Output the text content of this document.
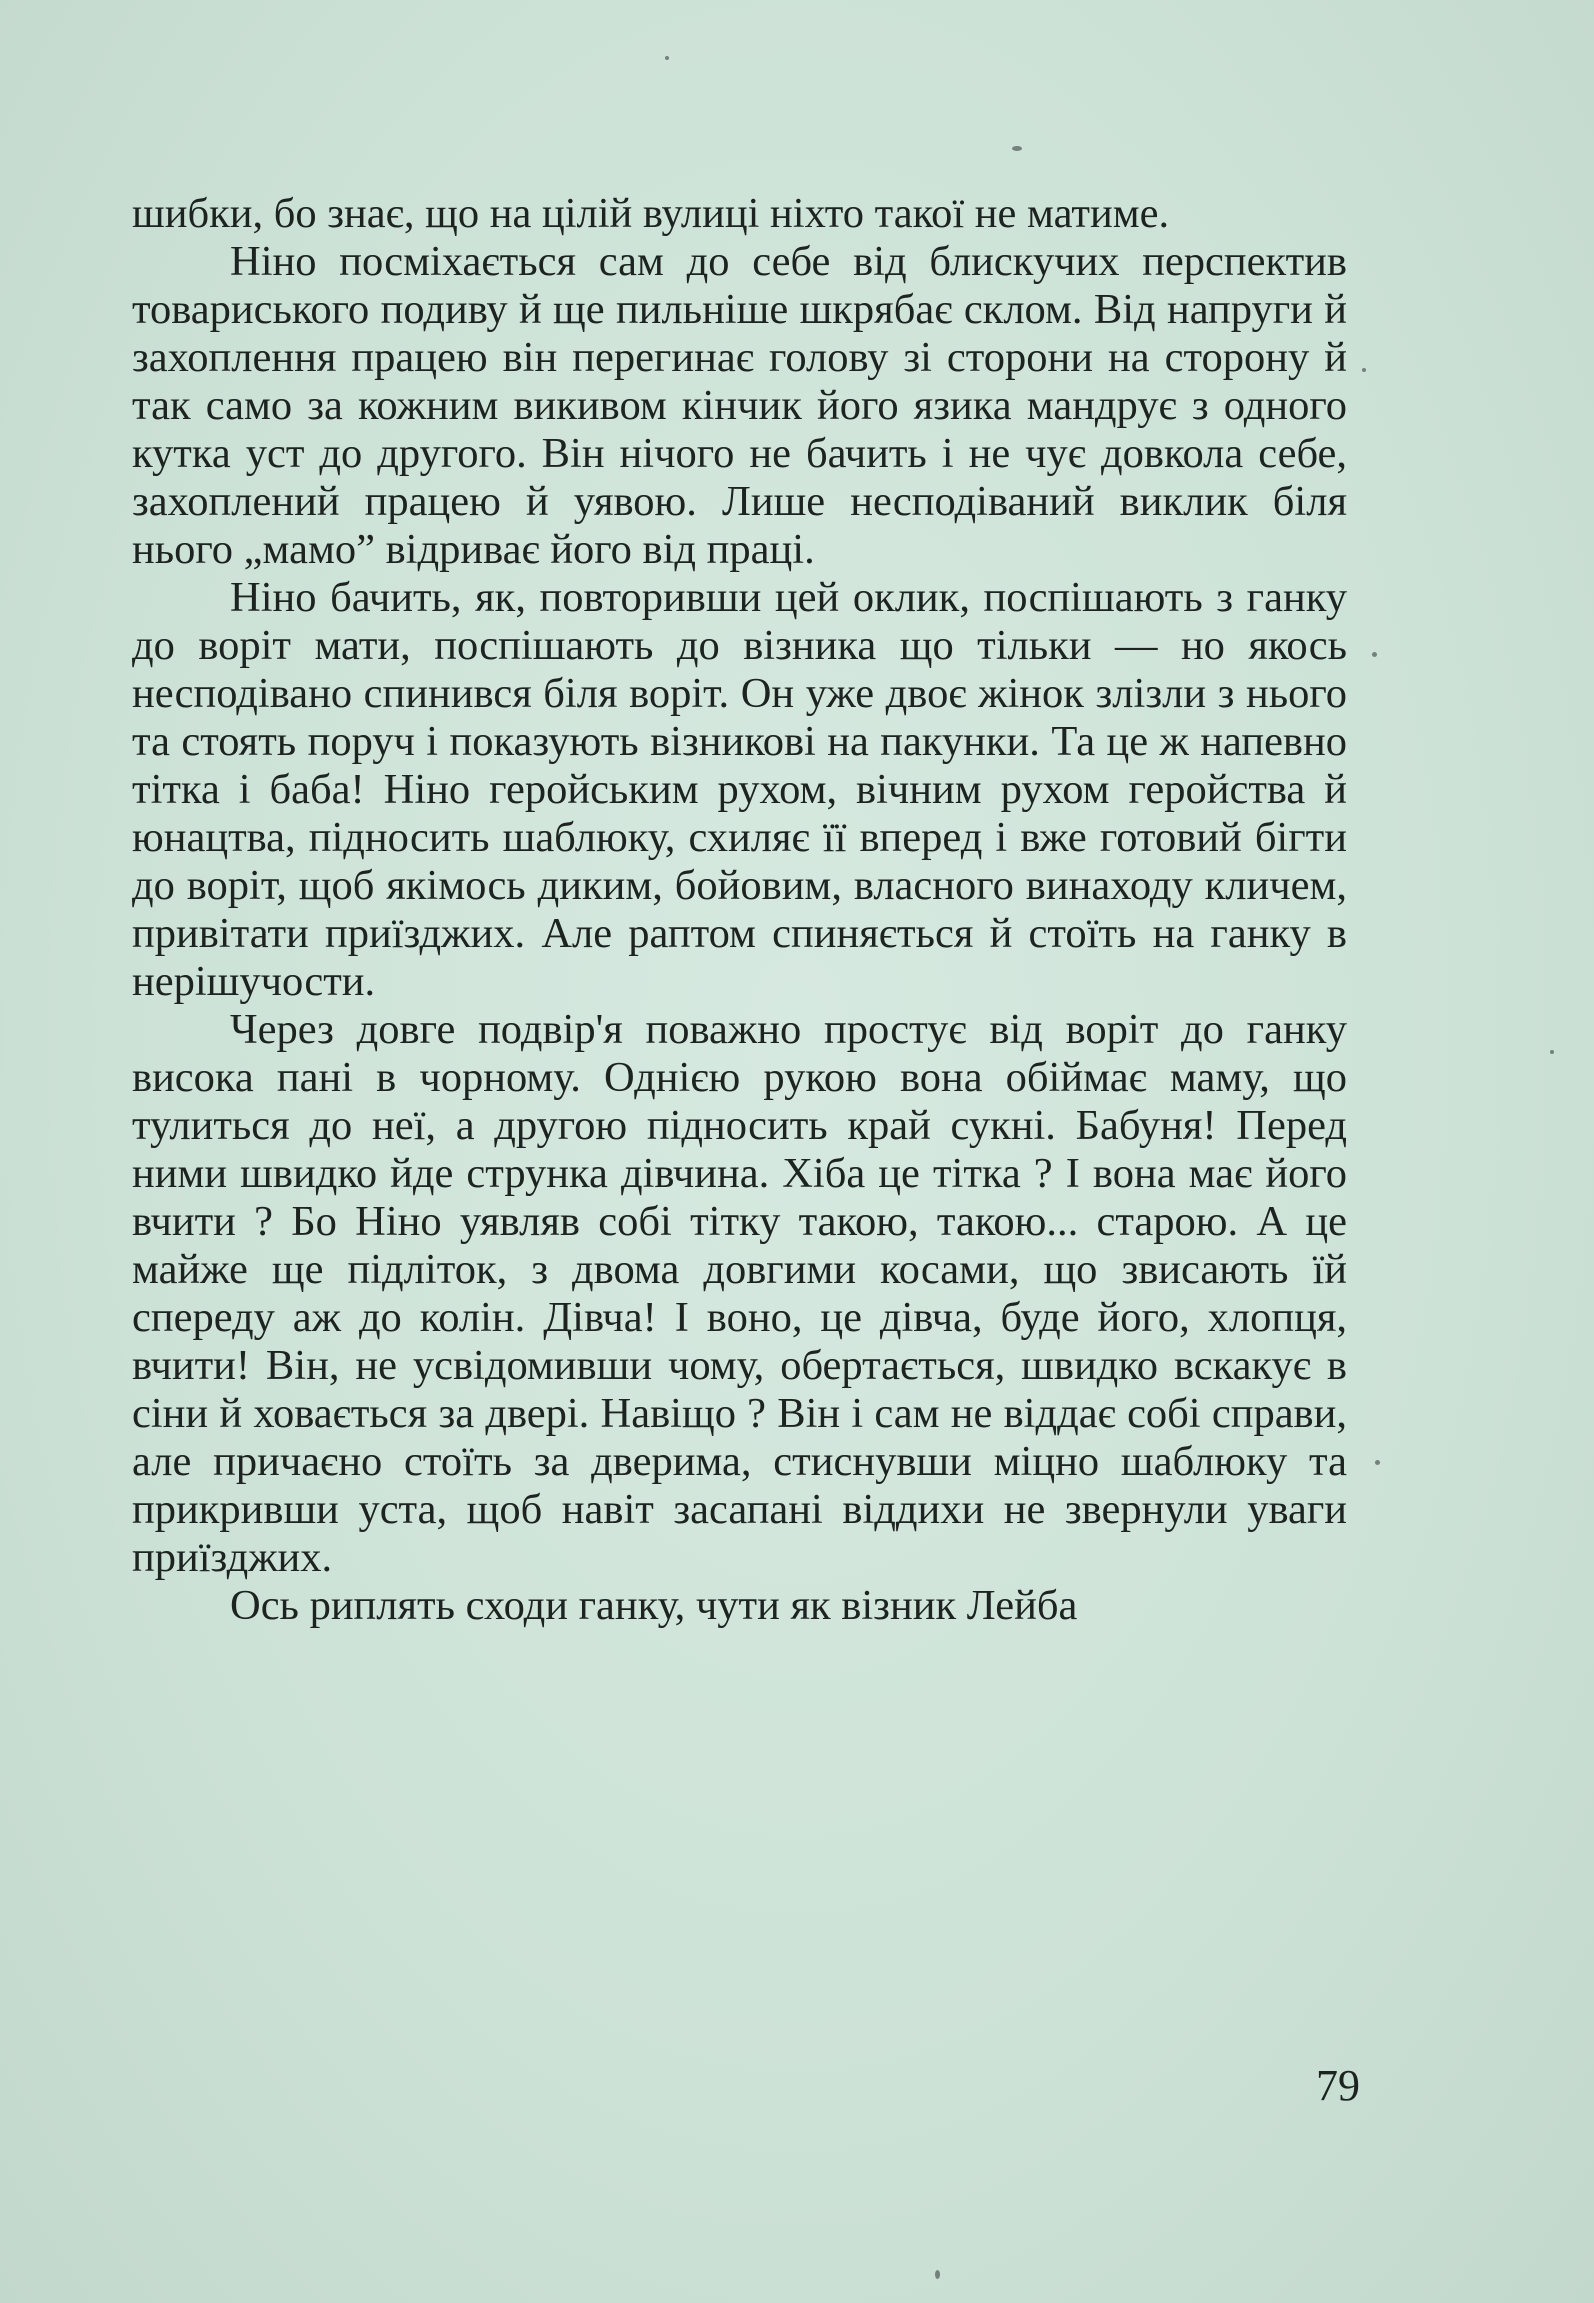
шибки, бо знає, що на цілій вулиці ніхто такої не матиме.

Ніно посміхається сам до себе від блискучих перспектив товариського подиву й ще пильніше шкрябає склом. Від напруги й захоплення працею він перегинає голову зі сторони на сторону й так само за кожним викивом кінчик його язика мандрує з одного кутка уст до другого. Він нічого не бачить і не чує довкола себе, захоплений працею й уявою. Лише несподіваний виклик біля нього „мамо” відриває його від праці.

Ніно бачить, як, повторивши цей оклик, поспішають з ганку до воріт мати, поспішають до візника що тільки — но якось несподівано спинився біля воріт. Он уже двоє жінок злізли з нього та стоять поруч і показують візникові на пакунки. Та це ж напевно тітка і баба! Ніно геройським рухом, вічним рухом геройства й юнацтва, підносить шаблюку, схиляє її вперед і вже готовий бігти до воріт, щоб якімось диким, бойовим, власного винаходу кличем, привітати приїзджих. Але раптом спиняється й стоїть на ганку в нерішучости.

Через довге подвір'я поважно простує від воріт до ганку висока пані в чорному. Однією рукою вона обіймає маму, що тулиться до неї, а другою підносить край сукні. Бабуня! Перед ними швидко йде струнка дівчина. Хіба це тітка ? І вона має його вчити ? Бо Ніно уявляв собі тітку такою, такою... старою. А це майже ще підліток, з двома довгими косами, що звисають їй спереду аж до колін. Дівча! І воно, це дівча, буде його, хлопця, вчити! Він, не усвідомивши чому, обертається, швидко вскакує в сіни й ховається за двері. Навіщо ? Він і сам не віддає собі справи, але причаєно стоїть за дверима, стиснувши міцно шаблюку та прикривши уста, щоб навіт засапані віддихи не звернули уваги приїзджих.

Ось риплять сходи ганку, чути як візник Лейба

79
